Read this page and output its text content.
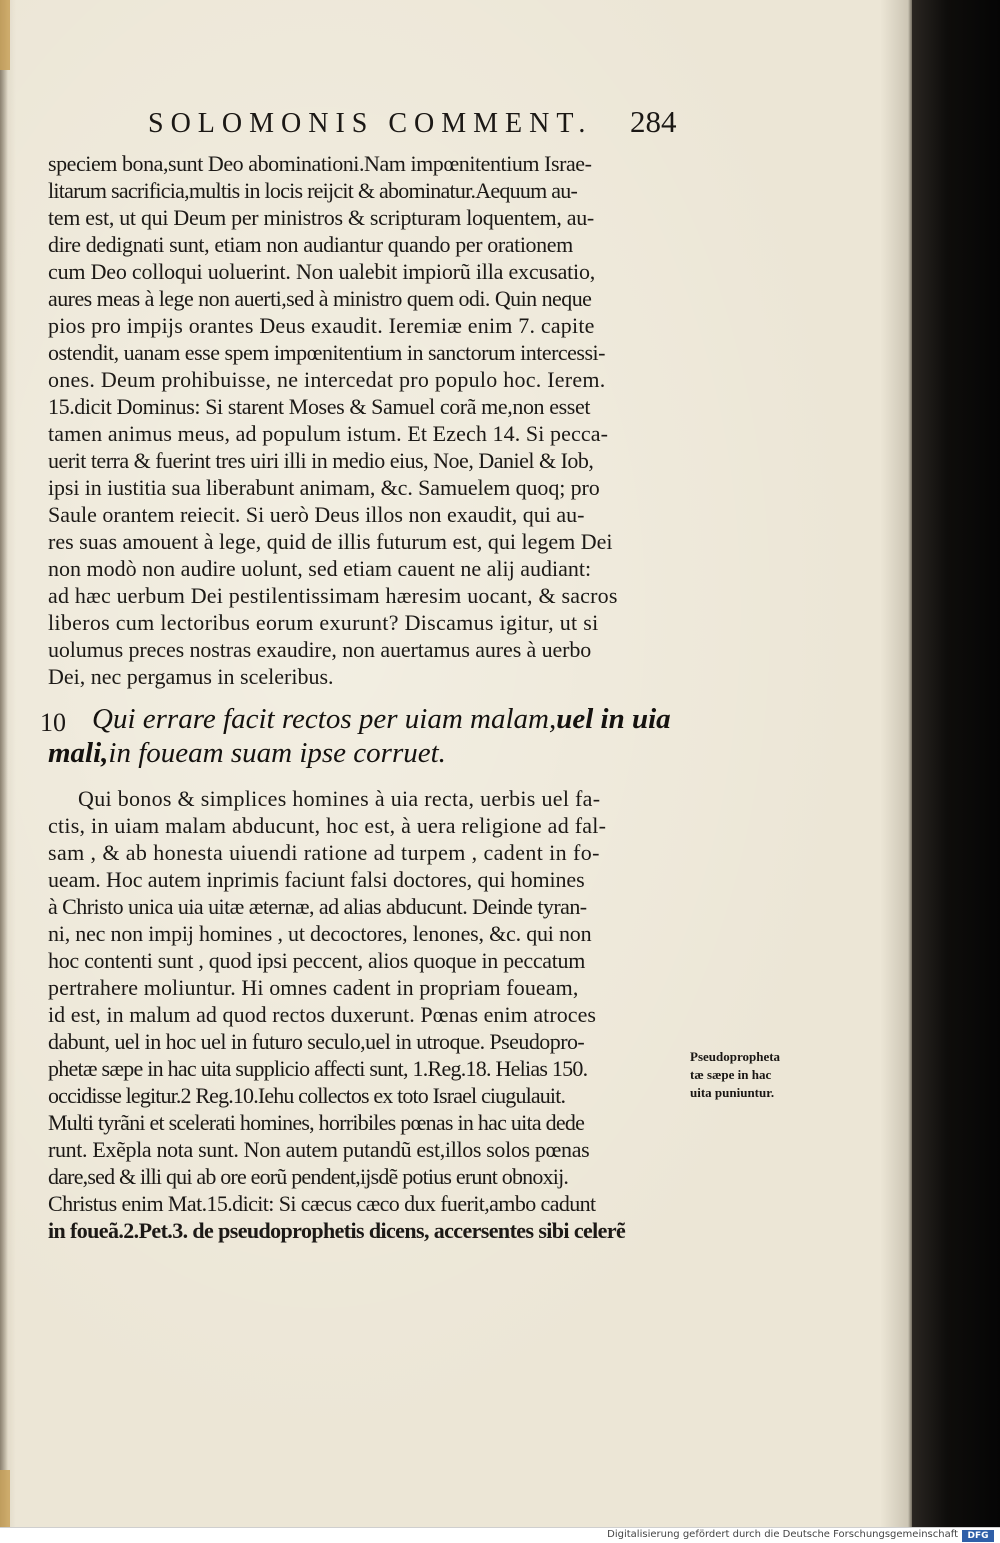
SOLOMONIS COMMENT. 284
speciem bona,sunt Deo abominationi.Nam impœnitentium Israe-
litarum sacrificia,multis in locis reijcit & abominatur.Aequum au-
tem est, ut qui Deum per ministros & scripturam loquentem, au-
dire dedignati sunt, etiam non audiantur quando per orationem
cum Deo colloqui uoluerint. Non ualebit impiorũ illa excusatio,
aures meas à lege non auerti,sed à ministro quem odi. Quin neque
pios pro impijs orantes Deus exaudit. Ieremiæ enim 7. capite
ostendit, uanam esse spem impœnitentium in sanctorum intercessi-
ones. Deum prohibuisse, ne intercedat pro populo hoc. Ierem.
15.dicit Dominus: Si starent Moses & Samuel corã me,non esset
tamen animus meus, ad populum istum. Et Ezech 14. Si pecca-
uerit terra & fuerint tres uiri illi in medio eius, Noe, Daniel & Iob,
ipsi in iustitia sua liberabunt animam, &c. Samuelem quoq; pro
Saule orantem reiecit. Si uerò Deus illos non exaudit, qui au-
res suas amouent à lege, quid de illis futurum est, qui legem Dei
non modò non audire uolunt, sed etiam cauent ne alij audiant:
ad hæc uerbum Dei pestilentissimam hæresim uocant, & sacros
liberos cum lectoribus eorum exurunt? Discamus igitur, ut si
uolumus preces nostras exaudire, non auertamus aures à uerbo
Dei, nec pergamus in sceleribus.
10 Qui errare facit rectos per uiam malam,uel in uia
mali,in foueam suam ipse corruet.
Qui bonos & simplices homines à uia recta, uerbis uel fa-
ctis, in uiam malam abducunt, hoc est, à uera religione ad fal-
sam , & ab honesta uiuendi ratione ad turpem , cadent in fo-
ueam. Hoc autem inprimis faciunt falsi doctores, qui homines
à Christo unica uia uitæ æternæ, ad alias abducunt. Deinde tyran-
ni, nec non impij homines , ut decoctores, lenones, &c. qui non
hoc contenti sunt , quod ipsi peccent, alios quoque in peccatum
pertrahere moliuntur. Hi omnes cadent in propriam foueam,
id est, in malum ad quod rectos duxerunt. Pœnas enim atroces
dabunt, uel in hoc uel in futuro seculo,uel in utroque. Pseudopro-
phetæ sæpe in hac uita supplicio affecti sunt, 1.Reg.18. Helias 150.
occidisse legitur.2 Reg.10.Iehu collectos ex toto Israel ciugulauit.
Multi tyrãni et scelerati homines, horribiles pœnas in hac uita dede
runt. Exẽpla nota sunt. Non autem putandũ est,illos solos pœnas
dare,sed & illi qui ab ore eorũ pendent,ijsdẽ potius erunt obnoxij.
Christus enim Mat.15.dicit: Si cæcus cæco dux fuerit,ambo cadunt
in foueã.2.Pet.3. de pseudoprophetis dicens, accersentes sibi celerẽ
Pseudopropheta
tæ sæpe in hac
uita puniuntur.
Digitalisierung gefördert durch die Deutsche Forschungsgemeinschaft	DFG
